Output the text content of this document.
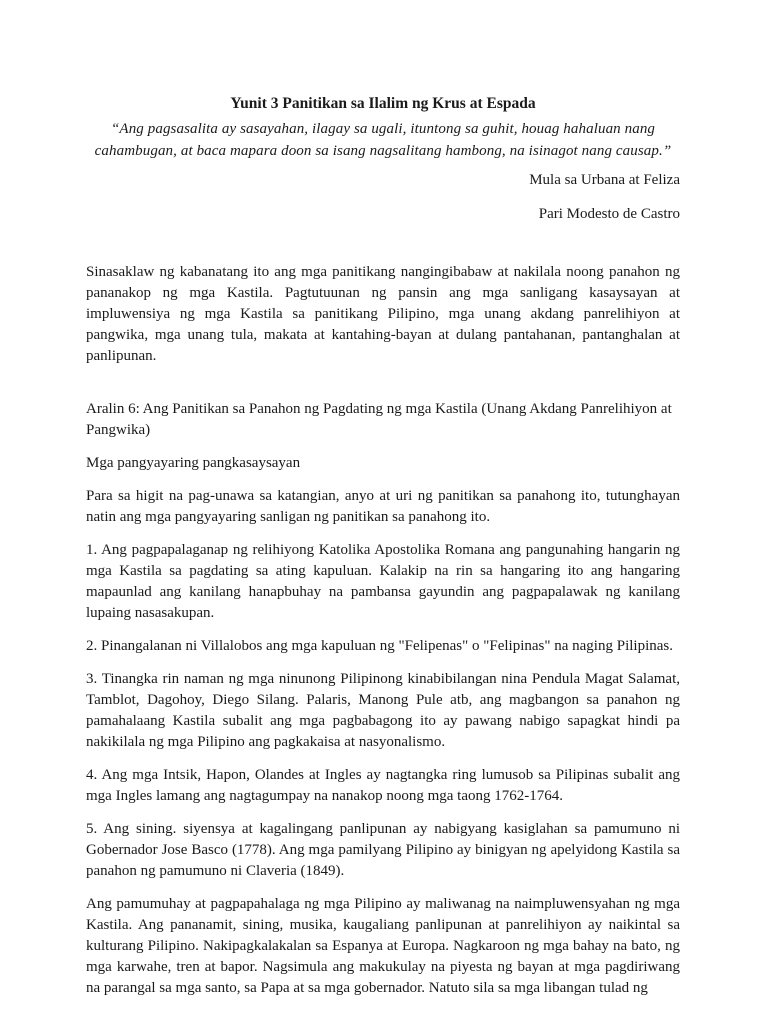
Yunit 3 Panitikan sa Ilalim ng Krus at Espada

“Ang pagsasalita ay sasayahan, ilagay sa ugali, itunt​ong sa guhit, houag hahaluan nang cahambugan, at baca mapara doon sa isang nagsalitang hambong, na isinagot nang causap.”

Mula sa Urbana at Feliza

Pari Modesto de Castro

Sinasaklaw ng kabanatang ito ang mga panitikang nangingibabaw at nakilala noong panahon ng pananakop ng mga Kastila. Pagtutuunan ng pansin ang mga sanligang kasaysayan at impluwensiya ng mga Kastila sa panitikang Pilipino, mga unang akdang panrelihiyon at pangwika, mga unang tula, makata at kantahing-bayan at dulang pantahanan, pantanghalan at panlipunan.

Aralin 6: Ang Panitikan sa Panahon ng Pagdating ng mga Kastila (Unang Akdang Panrelihiyon at Pangwika)

Mga pangyayaring pangkasaysayan

Para sa higit na pag-unawa sa katangian, anyo at uri ng panitikan sa panahong ito, tutunghayan natin ang mga pangyayaring sanligan ng panitikan sa panahong ito.

1. Ang pagpapalaganap ng relihiyong Katolika Apostolika Romana ang pangunahing hangarin ng mga Kastila sa pagdating sa ating kapuluan. Kalakip na rin sa hangaring ito ang hangaring mapaunlad ang kanilang hanapbuhay na pambansa gayundin ang pagpapalawak ng kanilang lupaing nasasakupan.

2. Pinangalanan ni Villalobos ang mga kapuluan ng "Felipenas" o "Felipinas" na naging Pilipinas.

3. Tinangka rin naman ng mga ninunong Pilipinong kinabibilangan nina Pendula Magat Salamat, Tamblot, Dagohoy, Diego Silang. Palaris, Manong Pule atb, ang magbangon sa panahon ng pamahalaang Kastila subalit ang mga pagbabagong ito ay pawang nabigo sapagkat hindi pa nakikilala ng mga Pilipino ang pagkakaisa at nasyonalismo.

4. Ang mga Intsik, Hapon, Olandes at Ingles ay nagtangka ring lumusob sa Pilipinas subalit ang mga Ingles lamang ang nagtagumpay na nanakop noong mga taong 1762-1764.

5. Ang sining. siyensya at kagalingang panlipunan ay nabigyang kasiglahan sa pamumuno ni Gobernador Jose Basco (1778). Ang mga pamilyang Pilipino ay binigyan ng apelyidong Kastila sa panahon ng pamumuno ni Claveria (1849).

Ang pamumuhay at pagpapahalaga ng mga Pilipino ay maliwanag na naimpluwensyahan ng mga Kastila. Ang pananamit, sining, musika, kaugaliang panlipunan at panrelihiyon ay naikintal sa kulturang Pilipino. Nakipagkalakalan sa Espanya at Europa. Nagkaroon ng mga bahay na bato, ng mga karwahe, tren at bapor. Nagsimula ang makukulay na piyesta ng bayan at mga pagdiriwang na parangal sa mga santo, sa Papa at sa mga gobernador. Natuto sila sa mga libangan tulad ng
